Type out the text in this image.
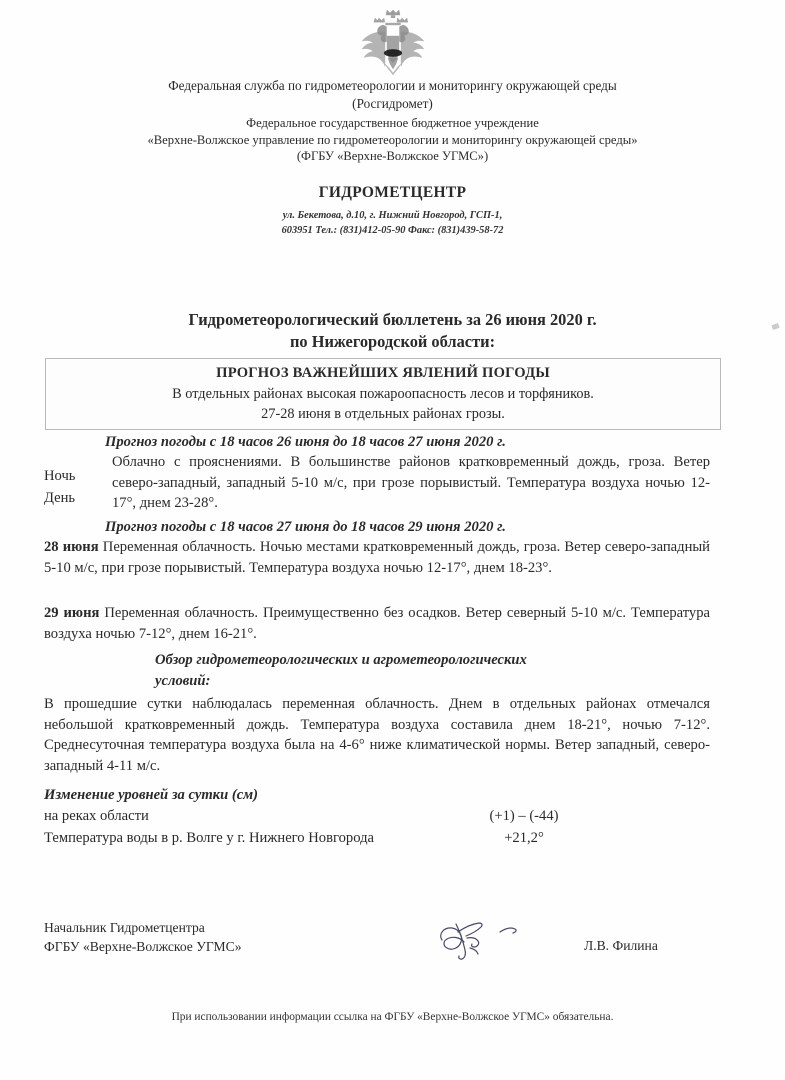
Федеральная служба по гидрометеорологии и мониторингу окружающей среды
(Росгидромет)
Федеральное государственное бюджетное учреждение
«Верхне-Волжское управление по гидрометеорологии и мониторингу окружающей среды»
(ФГБУ «Верхне-Волжское УГМС»)
ГИДРОМЕТЦЕНТР
ул. Бекетова, д.10, г. Нижний Новгород, ГСП-1,
603951 Тел.: (831)412-05-90 Факс: (831)439-58-72
Гидрометеорологический бюллетень за 26 июня 2020 г.
по Нижегородской области:
ПРОГНОЗ ВАЖНЕЙШИХ ЯВЛЕНИЙ ПОГОДЫ
В отдельных районах высокая пожароопасность лесов и торфяников.
27-28 июня в отдельных районах грозы.
Прогноз погоды с 18 часов 26 июня до 18 часов 27 июня 2020 г.
Ночь
День
Облачно с прояснениями. В большинстве районов кратковременный дождь, гроза. Ветер северо-западный, западный 5-10 м/с, при грозе порывистый. Температура воздуха ночью 12-17°, днем 23-28°.
Прогноз погоды с 18 часов 27 июня до 18 часов 29 июня 2020 г.
28 июня Переменная облачность. Ночью местами кратковременный дождь, гроза. Ветер северо-западный 5-10 м/с, при грозе порывистый. Температура воздуха ночью 12-17°, днем 18-23°.
29 июня Переменная облачность. Преимущественно без осадков. Ветер северный 5-10 м/с. Температура воздуха ночью 7-12°, днем 16-21°.
Обзор гидрометеорологических и агрометеорологических
условий:
В прошедшие сутки наблюдалась переменная облачность. Днем в отдельных районах отмечался небольшой кратковременный дождь. Температура воздуха составила днем 18-21°, ночью 7-12°. Среднесуточная температура воздуха была на 4-6° ниже климатической нормы. Ветер западный, северо-западный 4-11 м/с.
Изменение уровней за сутки (см)
на реках области	(+1) – (-44)
Температура воды в р. Волге у г. Нижнего Новгорода	+21,2°
Начальник Гидрометцентра
ФГБУ «Верхне-Волжское УГМС»	Л.В. Филина
При использовании информации ссылка на ФГБУ «Верхне-Волжское УГМС» обязательна.
